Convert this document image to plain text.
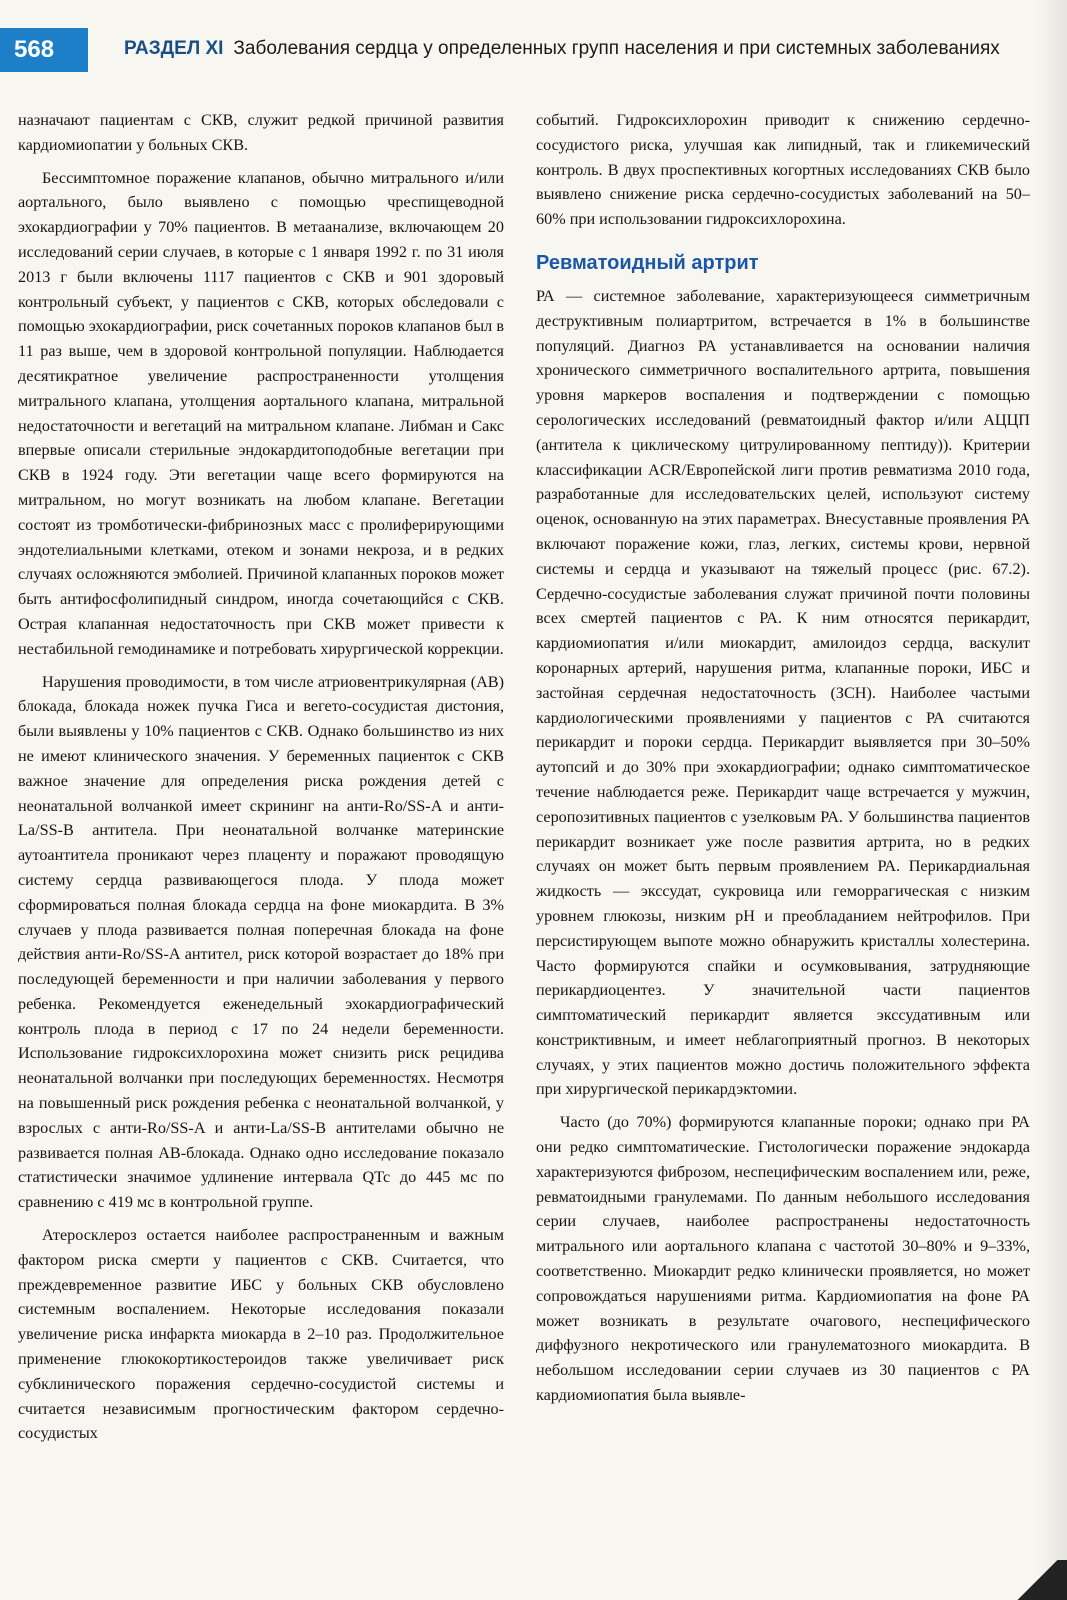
568	РАЗДЕЛ XI Заболевания сердца у определенных групп населения и при системных заболеваниях

назначают пациентам с СКВ, служит редкой причиной развития кардиомиопатии у больных СКВ.

Бессимптомное поражение клапанов, обычно митрального и/или аортального, было выявлено с помощью чреспищеводной эхокардиографии у 70% пациентов. В метаанализе, включающем 20 исследований серии случаев, в которые с 1 января 1992 г. по 31 июля 2013 г были включены 1117 пациентов с СКВ и 901 здоровый контрольный субъект, у пациентов с СКВ, которых обследовали с помощью эхокардиографии, риск сочетанных пороков клапанов был в 11 раз выше, чем в здоровой контрольной популяции. Наблюдается десятикратное увеличение распространенности утолщения митрального клапана, утолщения аортального клапана, митральной недостаточности и вегетаций на митральном клапане. Либман и Сакс впервые описали стерильные эндокардитоподобные вегетации при СКВ в 1924 году. Эти вегетации чаще всего формируются на митральном, но могут возникать на любом клапане. Вегетации состоят из тромботически-фибринозных масс с пролиферирующими эндотелиальными клетками, отеком и зонами некроза, и в редких случаях осложняются эмболией. Причиной клапанных пороков может быть антифосфолипидный синдром, иногда сочетающийся с СКВ. Острая клапанная недостаточность при СКВ может привести к нестабильной гемодинамике и потребовать хирургической коррекции.

Нарушения проводимости, в том числе атриовентрикулярная (АВ) блокада, блокада ножек пучка Гиса и вегето-сосудистая дистония, были выявлены у 10% пациентов с СКВ. Однако большинство из них не имеют клинического значения. У беременных пациенток с СКВ важное значение для определения риска рождения детей с неонатальной волчанкой имеет скрининг на анти-Ro/SS-A и анти-La/SS-B антитела. При неонатальной волчанке материнские аутоантитела проникают через плаценту и поражают проводящую систему сердца развивающегося плода. У плода может сформироваться полная блокада сердца на фоне миокардита. В 3% случаев у плода развивается полная поперечная блокада на фоне действия анти-Ro/SS-A антител, риск которой возрастает до 18% при последующей беременности и при наличии заболевания у первого ребенка. Рекомендуется еженедельный эхокардиографический контроль плода в период с 17 по 24 недели беременности. Использование гидроксихлорохина может снизить риск рецидива неонатальной волчанки при последующих беременностях. Несмотря на повышенный риск рождения ребенка с неонатальной волчанкой, у взрослых с анти-Ro/SS-A и анти-La/SS-B антителами обычно не развивается полная АВ-блокада. Однако одно исследование показало статистически значимое удлинение интервала QTc до 445 мс по сравнению с 419 мс в контрольной группе.

Атеросклероз остается наиболее распространенным и важным фактором риска смерти у пациентов с СКВ. Считается, что преждевременное развитие ИБС у больных СКВ обусловлено системным воспалением. Некоторые исследования показали увеличение риска инфаркта миокарда в 2–10 раз. Продолжительное применение глюкокортикостероидов также увеличивает риск субклинического поражения сердечно-сосудистой системы и считается независимым прогностическим фактором сердечно-сосудистых

событий. Гидроксихлорохин приводит к снижению сердечно-сосудистого риска, улучшая как липидный, так и гликемический контроль. В двух проспективных когортных исследованиях СКВ было выявлено снижение риска сердечно-сосудистых заболеваний на 50–60% при использовании гидроксихлорохина.

Ревматоидный артрит

РА — системное заболевание, характеризующееся симметричным деструктивным полиартритом, встречается в 1% в большинстве популяций. Диагноз РА устанавливается на основании наличия хронического симметричного воспалительного артрита, повышения уровня маркеров воспаления и подтверждении с помощью серологических исследований (ревматоидный фактор и/или АЦЦП (антитела к циклическому цитрулированному пептиду)). Критерии классификации ACR/Европейской лиги против ревматизма 2010 года, разработанные для исследовательских целей, используют систему оценок, основанную на этих параметрах. Внесуставные проявления РА включают поражение кожи, глаз, легких, системы крови, нервной системы и сердца и указывают на тяжелый процесс (рис. 67.2). Сердечно-сосудистые заболевания служат причиной почти половины всех смертей пациентов с РА. К ним относятся перикардит, кардиомиопатия и/или миокардит, амилоидоз сердца, васкулит коронарных артерий, нарушения ритма, клапанные пороки, ИБС и застойная сердечная недостаточность (ЗСН). Наиболее частыми кардиологическими проявлениями у пациентов с РА считаются перикардит и пороки сердца. Перикардит выявляется при 30–50% аутопсий и до 30% при эхокардиографии; однако симптоматическое течение наблюдается реже. Перикардит чаще встречается у мужчин, серопозитивных пациентов с узелковым РА. У большинства пациентов перикардит возникает уже после развития артрита, но в редких случаях он может быть первым проявлением РА. Перикардиальная жидкость — экссудат, сукровица или геморрагическая с низким уровнем глюкозы, низким pH и преобладанием нейтрофилов. При персистирующем выпоте можно обнаружить кристаллы холестерина. Часто формируются спайки и осумковывания, затрудняющие перикардиоцентез. У значительной части пациентов симптоматический перикардит является экссудативным или констриктивным, и имеет неблагоприятный прогноз. В некоторых случаях, у этих пациентов можно достичь положительного эффекта при хирургической перикардэктомии.

Часто (до 70%) формируются клапанные пороки; однако при РА они редко симптоматические. Гистологически поражение эндокарда характеризуются фиброзом, неспецифическим воспалением или, реже, ревматоидными гранулемами. По данным небольшого исследования серии случаев, наиболее распространены недостаточность митрального или аортального клапана с частотой 30–80% и 9–33%, соответственно. Миокардит редко клинически проявляется, но может сопровождаться нарушениями ритма. Кардиомиопатия на фоне РА может возникать в результате очагового, неспецифического диффузного некротического или гранулематозного миокардита. В небольшом исследовании серии случаев из 30 пациентов с РА кардиомиопатия была выявле-
